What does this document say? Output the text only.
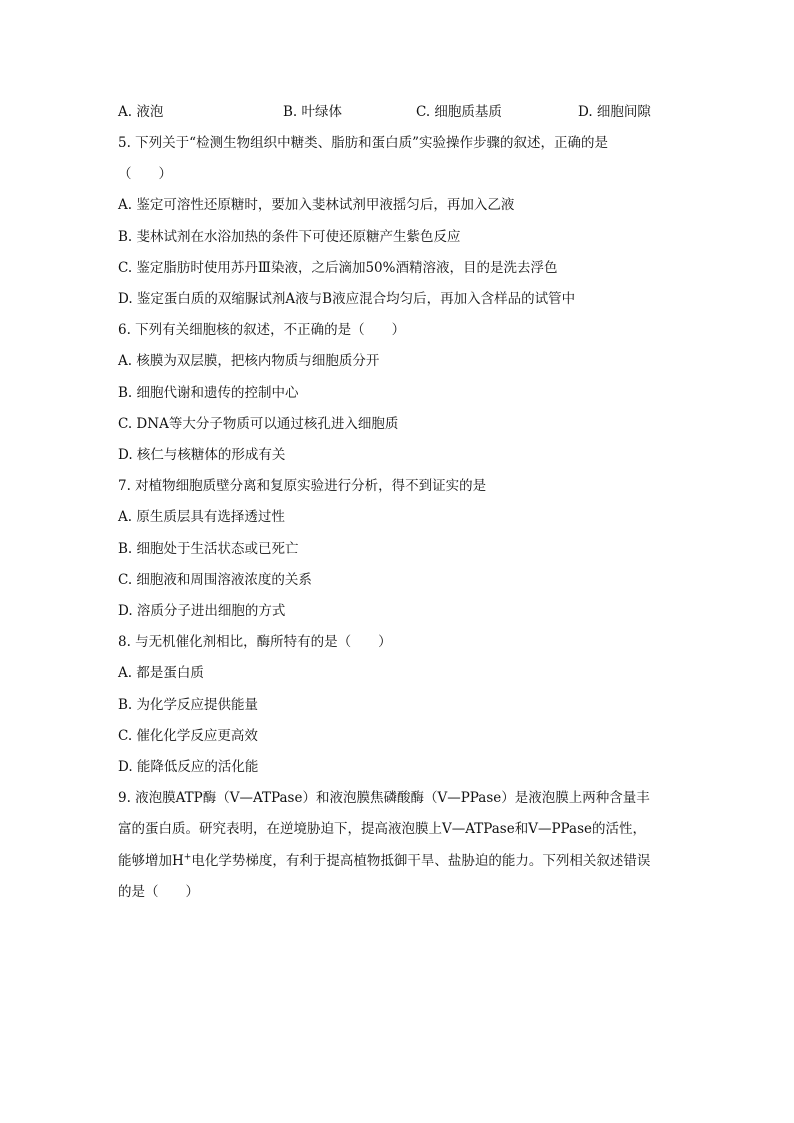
A. 液泡	B. 叶绿体	C. 细胞质基质	D. 细胞间隙
5. 下列关于“检测生物组织中糖类、脂肪和蛋白质”实验操作步骤的叙述，正确的是
（　　）
A. 鉴定可溶性还原糖时，要加入斐林试剂甲液摇匀后，再加入乙液
B. 斐林试剂在水浴加热的条件下可使还原糖产生紫色反应
C. 鉴定脂肪时使用苏丹Ⅲ染液，之后滴加50%酒精溶液，目的是洗去浮色
D. 鉴定蛋白质的双缩脲试剂A液与B液应混合均匀后，再加入含样品的试管中
6. 下列有关细胞核的叙述，不正确的是（　　）
A. 核膜为双层膜，把核内物质与细胞质分开
B. 细胞代谢和遗传的控制中心
C. DNA等大分子物质可以通过核孔进入细胞质
D. 核仁与核糖体的形成有关
7. 对植物细胞质壁分离和复原实验进行分析，得不到证实的是
A. 原生质层具有选择透过性
B. 细胞处于生活状态或已死亡
C. 细胞液和周围溶液浓度的关系
D. 溶质分子进出细胞的方式
8. 与无机催化剂相比，酶所特有的是（　　）
A. 都是蛋白质
B. 为化学反应提供能量
C. 催化化学反应更高效
D. 能降低反应的活化能
9. 液泡膜ATP酶（V—ATPase）和液泡膜焦磷酸酶（V—PPase）是液泡膜上两种含量丰
富的蛋白质。研究表明，在逆境胁迫下，提高液泡膜上V—ATPase和V—PPase的活性，
能够增加H+电化学势梯度，有利于提高植物抵御干旱、盐胁迫的能力。下列相关叙述错误
的是（　　）
